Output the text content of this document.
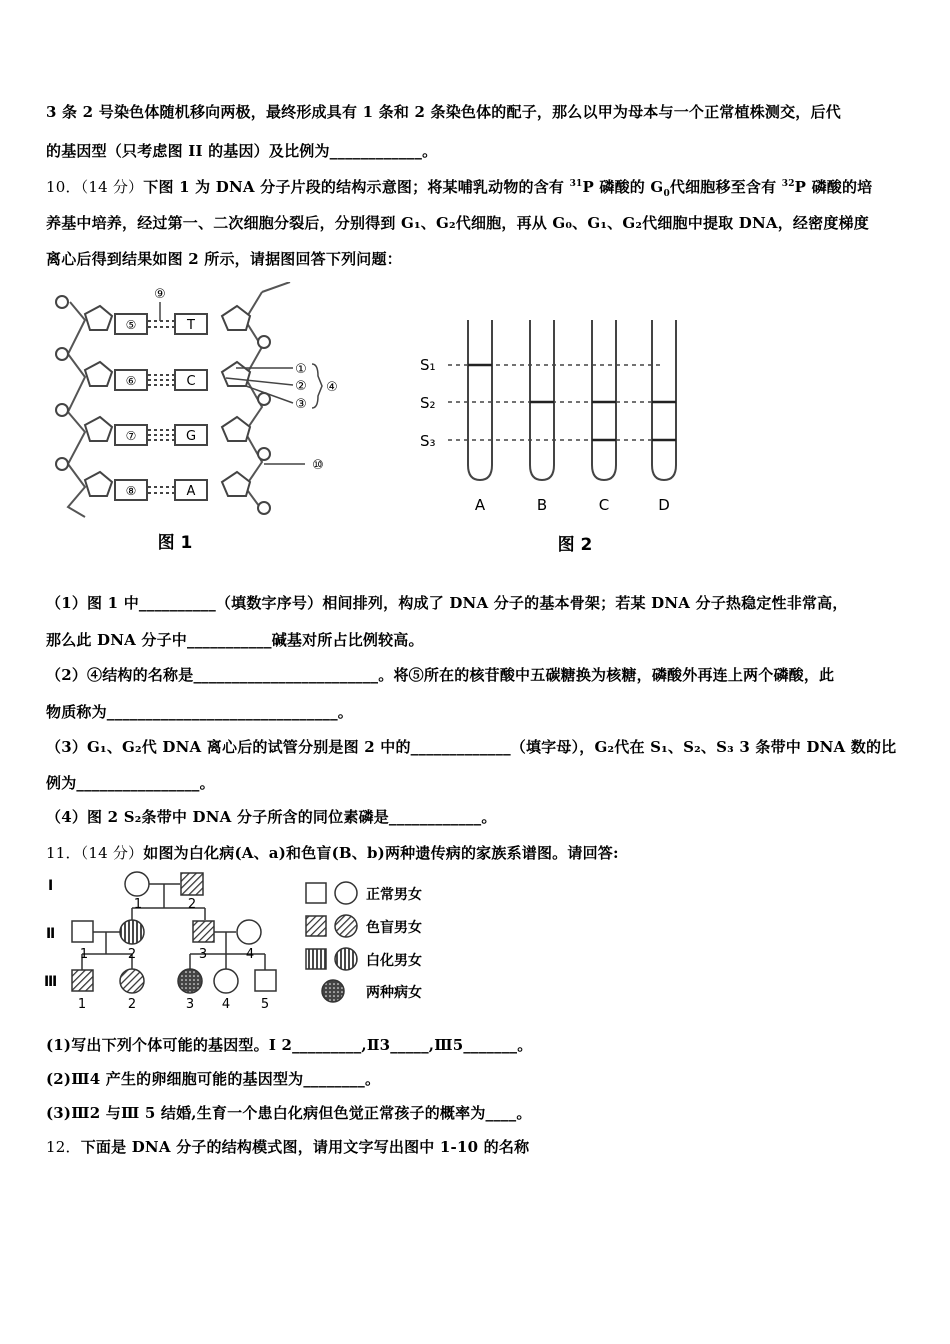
3 条 2 号染色体随机移向两极，最终形成具有 1 条和 2 条染色体的配子，那么以甲为母本与一个正常植株测交，后代
的基因型（只考虑图 II 的基因）及比例为____________。
10．（14 分）下图 1 为 DNA 分子片段的结构示意图；将某哺乳动物的含有 $^{31}$P 磷酸的 $G_0$代细胞移至含有 $^{32}$P 磷酸的培
养基中培养，经过第一、二次细胞分裂后，分别得到 G₁、G₂代细胞，再从 G₀、G₁、G₂代细胞中提取 DNA，经密度梯度
离心后得到结果如图 2 所示，请据图回答下列问题：
⑤
⑥
⑦
⑧
T
C
G
A
⑨
⑩
①
②
③
④
图 1
S₁
S₂
S₃
A	B	C	D
图 2
（1）图 1 中__________（填数字序号）相间排列，构成了 DNA 分子的基本骨架；若某 DNA 分子热稳定性非常高，
那么此 DNA 分子中___________碱基对所占比例较高。
（2）④结构的名称是________________________。将⑤所在的核苷酸中五碳糖换为核糖，磷酸外再连上两个磷酸，此
物质称为______________________________。
（3）G₁、G₂代 DNA 离心后的试管分别是图 2 中的_____________（填字母），G₂代在 S₁、S₂、S₃ 3 条带中 DNA 数的比
例为________________。
（4）图 2 S₂条带中 DNA 分子所含的同位素磷是____________。
11．（14 分）如图为白化病(A、a)和色盲(B、b)两种遗传病的家族系谱图。请回答:
Ⅰ
Ⅱ
Ⅲ
1	2
1	2	3	4
1	2	3 4 5
正常男女
色盲男女
白化男女
两种病女
(1)写出下列个体可能的基因型。Ⅰ 2_________,Ⅱ3_____,Ⅲ5_______。
(2)Ⅲ4 产生的卵细胞可能的基因型为________。
(3)Ⅲ2 与Ⅲ 5 结婚,生育一个患白化病但色觉正常孩子的概率为____。
12．下面是 DNA 分子的结构模式图，请用文字写出图中 1-10 的名称
